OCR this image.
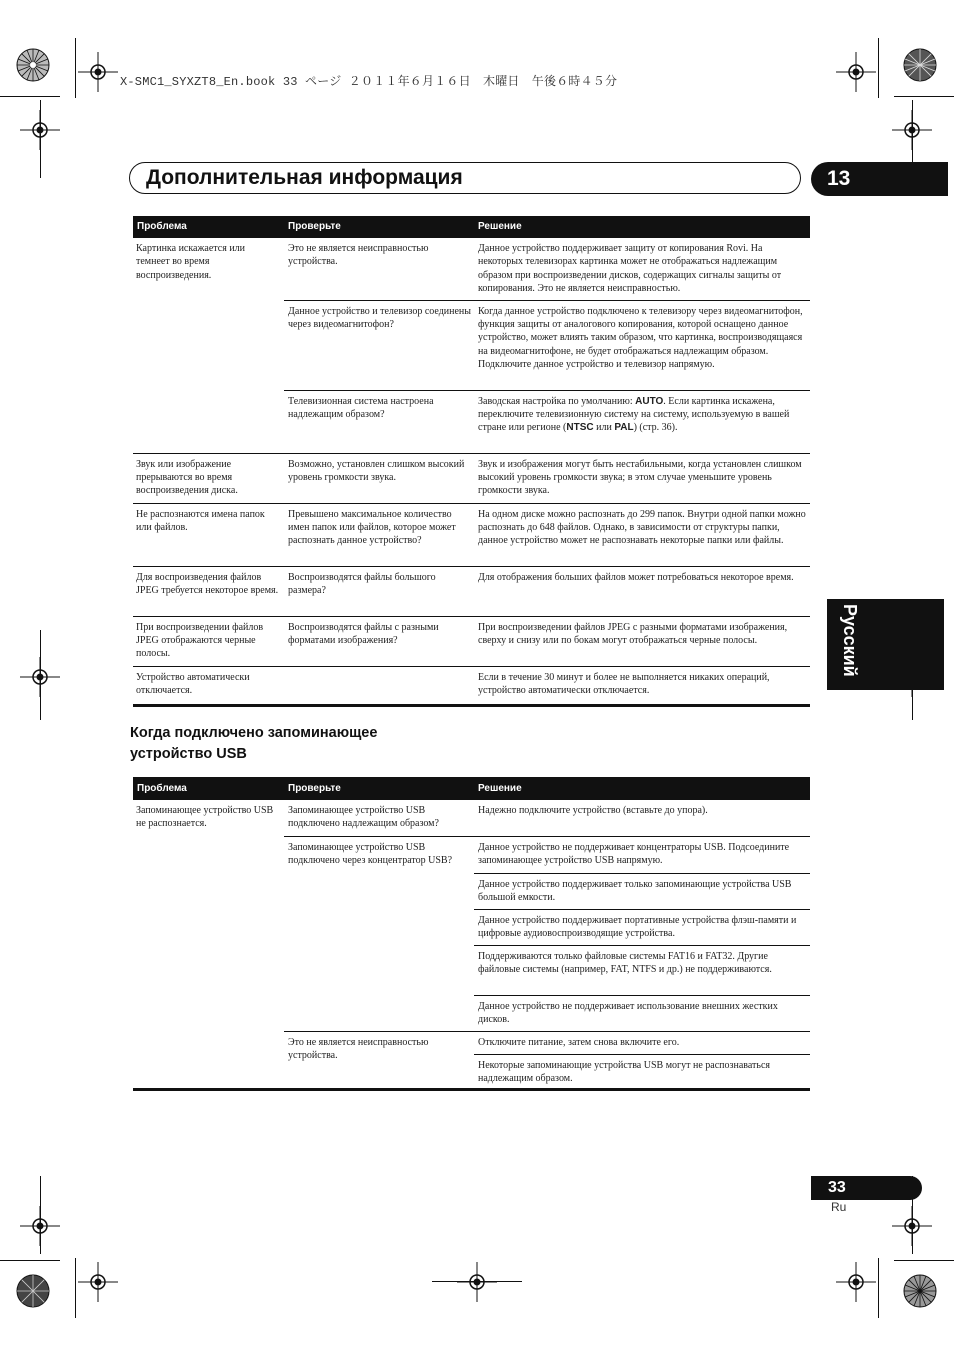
X-SMC1_SYXZT8_En.book 33 ページ ２０１１年６月１６日　木曜日　午後６時４５分
Дополнительная информация	13
Русский
Проблема	Проверьте	Решение
Картинка искажается или темнеет во время воспроизведения.	Это не является неисправностью устройства.	Данное устройство поддерживает защиту от копирования Rovi. На некоторых телевизорах картинка может не отображаться надлежащим образом при воспроизведении дисков, содержащих сигналы защиты от копирования. Это не является неисправностью.
	Данное устройство и телевизор соединены через видеомагнитофон?	Когда данное устройство подключено к телевизору через видеомагнитофон, функция защиты от аналогового копирования, которой оснащено данное устройство, может влиять таким образом, что картинка, воспроизводящаяся на видеомагнитофоне, не будет отображаться надлежащим образом. Подключите данное устройство и телевизор напрямую.
	Телевизионная система настроена надлежащим образом?	Заводская настройка по умолчанию: AUTO. Если картинка искажена, переключите телевизионную систему на систему, используемую в вашей стране или регионе (NTSC или PAL) (стр. 36).
Звук или изображение прерываются во время воспроизведения диска.	Возможно, установлен слишком высокий уровень громкости звука.	Звук и изображения могут быть нестабильными, когда установлен слишком высокий уровень громкости звука; в этом случае уменьшите уровень громкости звука.
Не распознаются имена папок или файлов.	Превышено максимальное количество имен папок или файлов, которое может распознать данное устройство?	На одном диске можно распознать до 299 папок. Внутри одной папки можно распознать до 648 файлов. Однако, в зависимости от структуры папки, данное устройство может не распознавать некоторые папки или файлы.
Для воспроизведения файлов JPEG требуется некоторое время.	Воспроизводятся файлы большого размера?	Для отображения больших файлов может потребоваться некоторое время.
При воспроизведении файлов JPEG отображаются черные полосы.	Воспроизводятся файлы с разными форматами изображения?	При воспроизведении файлов JPEG с разными форматами изображения, сверху и снизу или по бокам могут отображаться черные полосы.
Устройство автоматически отключается.		Если в течение 30 минут и более не выполняется никаких операций, устройство автоматически отключается.
Когда подключено запоминающее устройство USB
Проблема	Проверьте	Решение
Запоминающее устройство USB не распознается.	Запоминающее устройство USB подключено надлежащим образом?	Надежно подключите устройство (вставьте до упора).
	Запоминающее устройство USB подключено через концентратор USB?	Данное устройство не поддерживает концентраторы USB. Подсоедините запоминающее устройство USB напрямую.
		Данное устройство поддерживает только запоминающие устройства USB большой емкости.
		Данное устройство поддерживает портативные устройства флэш-памяти и цифровые аудиовоспроизводящие устройства.
		Поддерживаются только файловые системы FAT16 и FAT32. Другие файловые системы (например, FAT, NTFS и др.) не поддерживаются.
		Данное устройство не поддерживает использование внешних жестких дисков.
	Это не является неисправностью устройства.	Отключите питание, затем снова включите его.
		Некоторые запоминающие устройства USB могут не распознаваться надлежащим образом.
33
Ru
